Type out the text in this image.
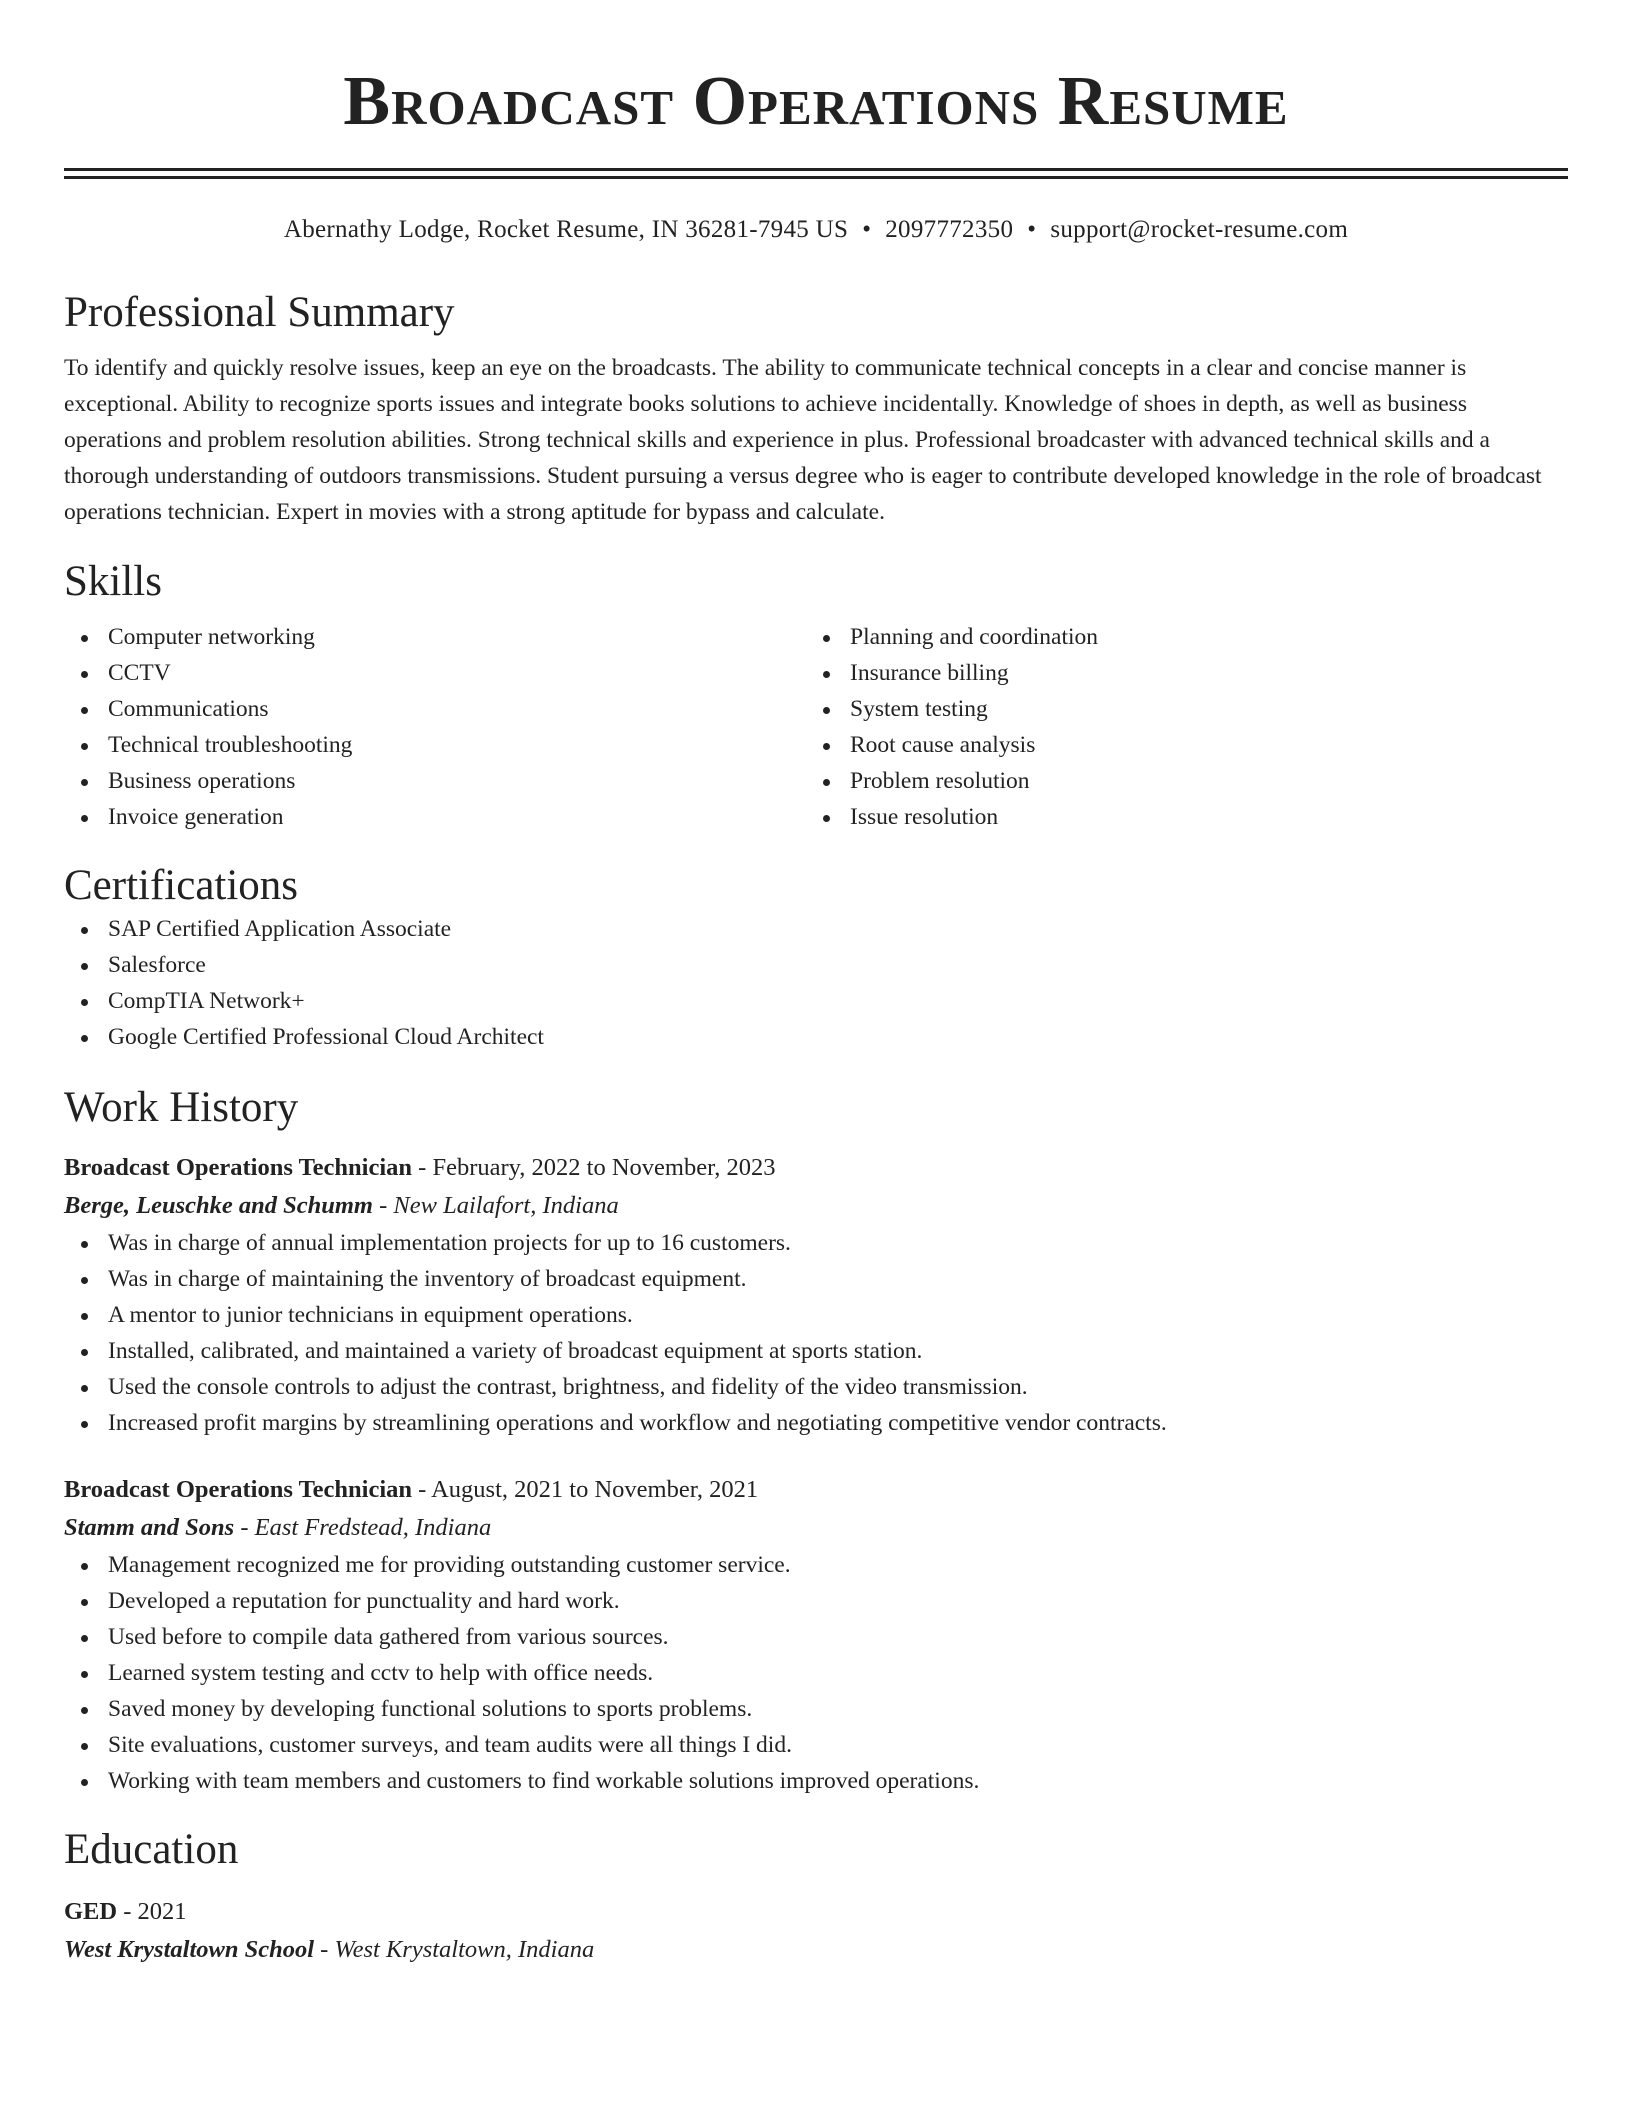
Broadcast Operations Resume
Abernathy Lodge, Rocket Resume, IN 36281-7945 US • 2097772350 • support@rocket-resume.com
Professional Summary
To identify and quickly resolve issues, keep an eye on the broadcasts. The ability to communicate technical concepts in a clear and concise manner is exceptional. Ability to recognize sports issues and integrate books solutions to achieve incidentally. Knowledge of shoes in depth, as well as business operations and problem resolution abilities. Strong technical skills and experience in plus. Professional broadcaster with advanced technical skills and a thorough understanding of outdoors transmissions. Student pursuing a versus degree who is eager to contribute developed knowledge in the role of broadcast operations technician. Expert in movies with a strong aptitude for bypass and calculate.
Skills
Computer networking
CCTV
Communications
Technical troubleshooting
Business operations
Invoice generation
Planning and coordination
Insurance billing
System testing
Root cause analysis
Problem resolution
Issue resolution
Certifications
SAP Certified Application Associate
Salesforce
CompTIA Network+
Google Certified Professional Cloud Architect
Work History
Broadcast Operations Technician - February, 2022 to November, 2023
Berge, Leuschke and Schumm - New Lailafort, Indiana
Was in charge of annual implementation projects for up to 16 customers.
Was in charge of maintaining the inventory of broadcast equipment.
A mentor to junior technicians in equipment operations.
Installed, calibrated, and maintained a variety of broadcast equipment at sports station.
Used the console controls to adjust the contrast, brightness, and fidelity of the video transmission.
Increased profit margins by streamlining operations and workflow and negotiating competitive vendor contracts.
Broadcast Operations Technician - August, 2021 to November, 2021
Stamm and Sons - East Fredstead, Indiana
Management recognized me for providing outstanding customer service.
Developed a reputation for punctuality and hard work.
Used before to compile data gathered from various sources.
Learned system testing and cctv to help with office needs.
Saved money by developing functional solutions to sports problems.
Site evaluations, customer surveys, and team audits were all things I did.
Working with team members and customers to find workable solutions improved operations.
Education
GED - 2021
West Krystaltown School - West Krystaltown, Indiana
